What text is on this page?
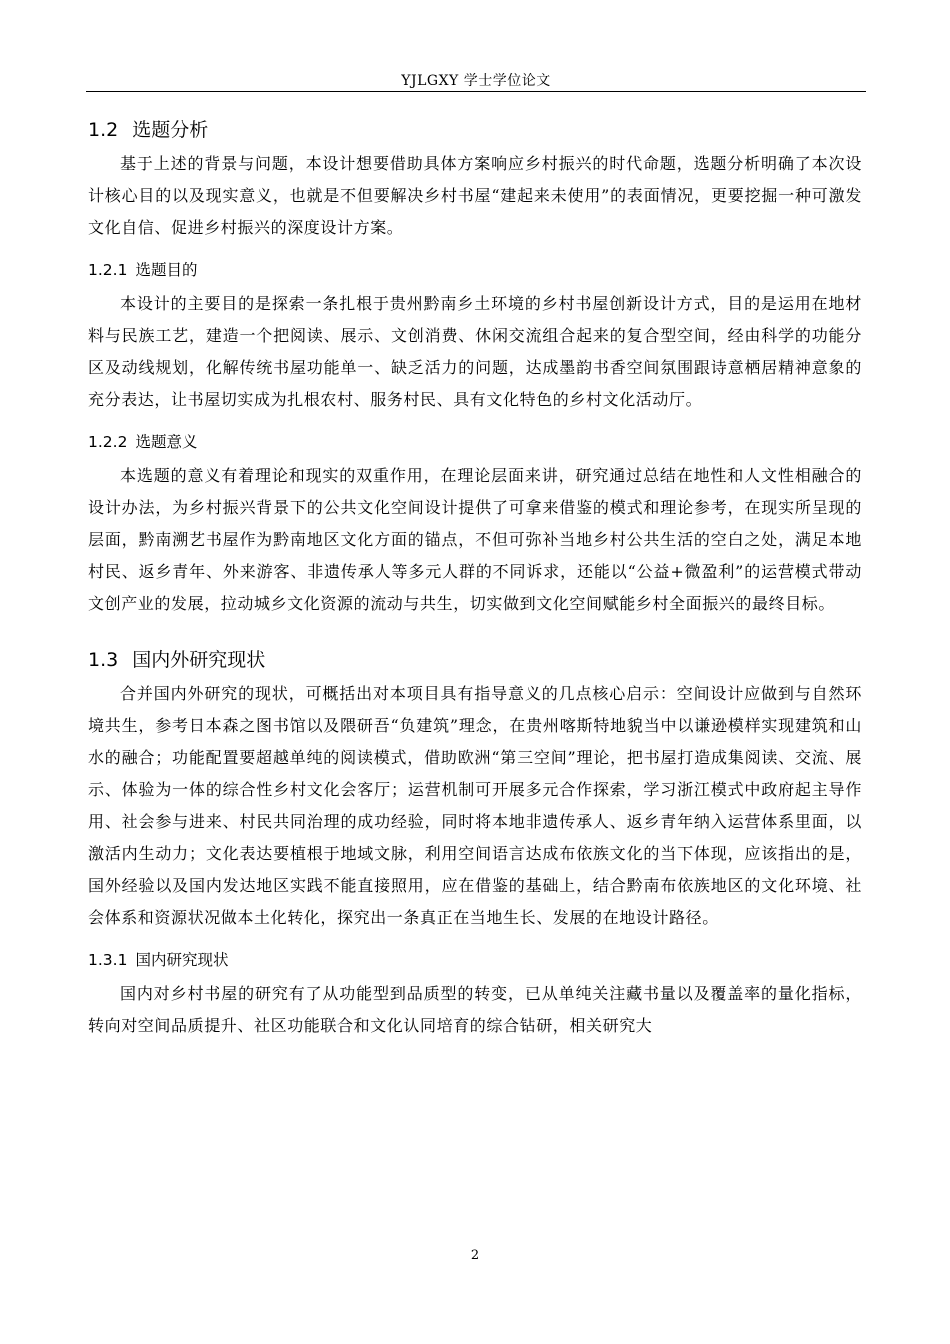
YJLGXY 学士学位论文
1.2 选题分析

基于上述的背景与问题，本设计想要借助具体方案响应乡村振兴的时代命题，选题分析明确了本次设计核心目的以及现实意义，也就是不但要解决乡村书屋“建起来未使用”的表面情况，更要挖掘一种可激发文化自信、促进乡村振兴的深度设计方案。

1.2.1 选题目的

本设计的主要目的是探索一条扎根于贵州黔南乡土环境的乡村书屋创新设计方式，目的是运用在地材料与民族工艺，建造一个把阅读、展示、文创消费、休闲交流组合起来的复合型空间，经由科学的功能分区及动线规划，化解传统书屋功能单一、缺乏活力的问题，达成墨韵书香空间氛围跟诗意栖居精神意象的充分表达，让书屋切实成为扎根农村、服务村民、具有文化特色的乡村文化活动厅。

1.2.2 选题意义

本选题的意义有着理论和现实的双重作用，在理论层面来讲，研究通过总结在地性和人文性相融合的设计办法，为乡村振兴背景下的公共文化空间设计提供了可拿来借鉴的模式和理论参考，在现实所呈现的层面，黔南溯艺书屋作为黔南地区文化方面的锚点，不但可弥补当地乡村公共生活的空白之处，满足本地村民、返乡青年、外来游客、非遗传承人等多元人群的不同诉求，还能以“公益+微盈利”的运营模式带动文创产业的发展，拉动城乡文化资源的流动与共生，切实做到文化空间赋能乡村全面振兴的最终目标。

1.3 国内外研究现状

合并国内外研究的现状，可概括出对本项目具有指导意义的几点核心启示：空间设计应做到与自然环境共生，参考日本森之图书馆以及隈研吾“负建筑”理念，在贵州喀斯特地貌当中以谦逊模样实现建筑和山水的融合；功能配置要超越单纯的阅读模式，借助欧洲“第三空间”理论，把书屋打造成集阅读、交流、展示、体验为一体的综合性乡村文化会客厅；运营机制可开展多元合作探索，学习浙江模式中政府起主导作用、社会参与进来、村民共同治理的成功经验，同时将本地非遗传承人、返乡青年纳入运营体系里面，以激活内生动力；文化表达要植根于地域文脉，利用空间语言达成布依族文化的当下体现，应该指出的是，国外经验以及国内发达地区实践不能直接照用，应在借鉴的基础上，结合黔南布依族地区的文化环境、社会体系和资源状况做本土化转化，探究出一条真正在当地生长、发展的在地设计路径。

1.3.1 国内研究现状

国内对乡村书屋的研究有了从功能型到品质型的转变，已从单纯关注藏书量以及覆盖率的量化指标，转向对空间品质提升、社区功能联合和文化认同培育的综合钻研，相关研究大

2
